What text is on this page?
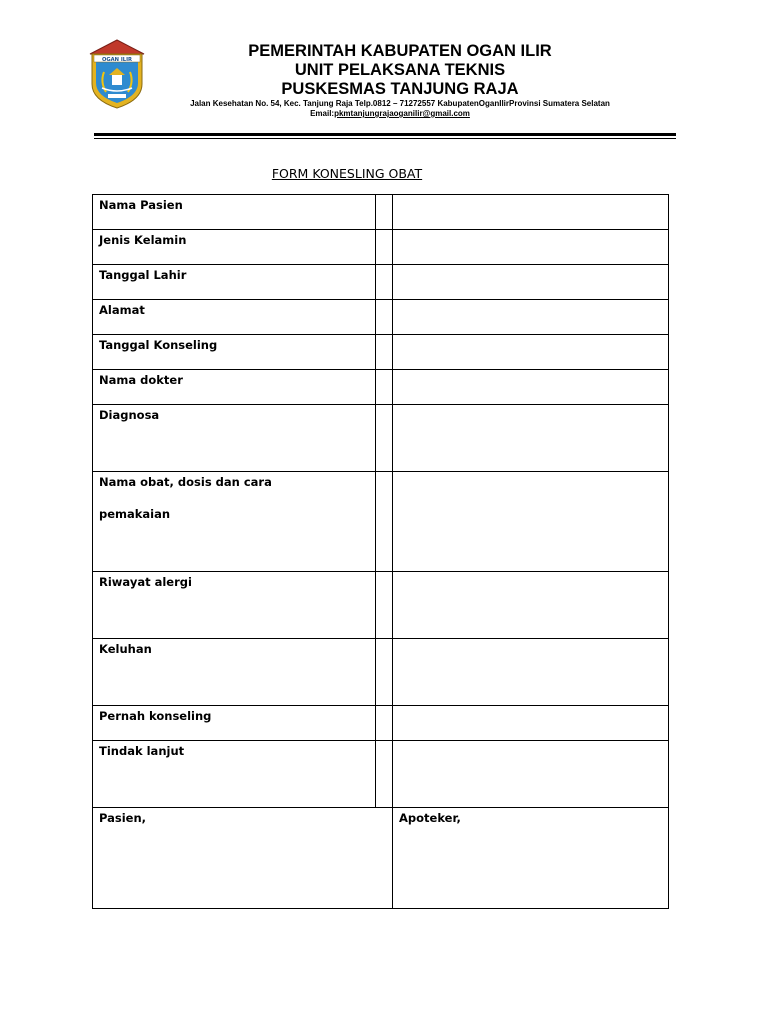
OGAN ILIR	PEMERINTAH KABUPATEN OGAN ILIR
UNIT PELAKSANA TEKNIS
PUSKESMAS TANJUNG RAJA
Jalan Kesehatan No. 54, Kec. Tanjung Raja Telp.0812 – 71272557 KabupatenOganIlirProvinsi Sumatera Selatan
Email:pkmtanjungrajaoganilir@gmail.com
FORM KONESLING OBAT
Nama Pasien		
Jenis Kelamin		
Tanggal Lahir		
Alamat		
Tanggal Konseling		
Nama dokter		
Diagnosa		
Nama obat, dosis dan cara
pemakaian		
Riwayat alergi		
Keluhan		
Pernah konseling		
Tindak lanjut		
Pasien,		Apoteker,
